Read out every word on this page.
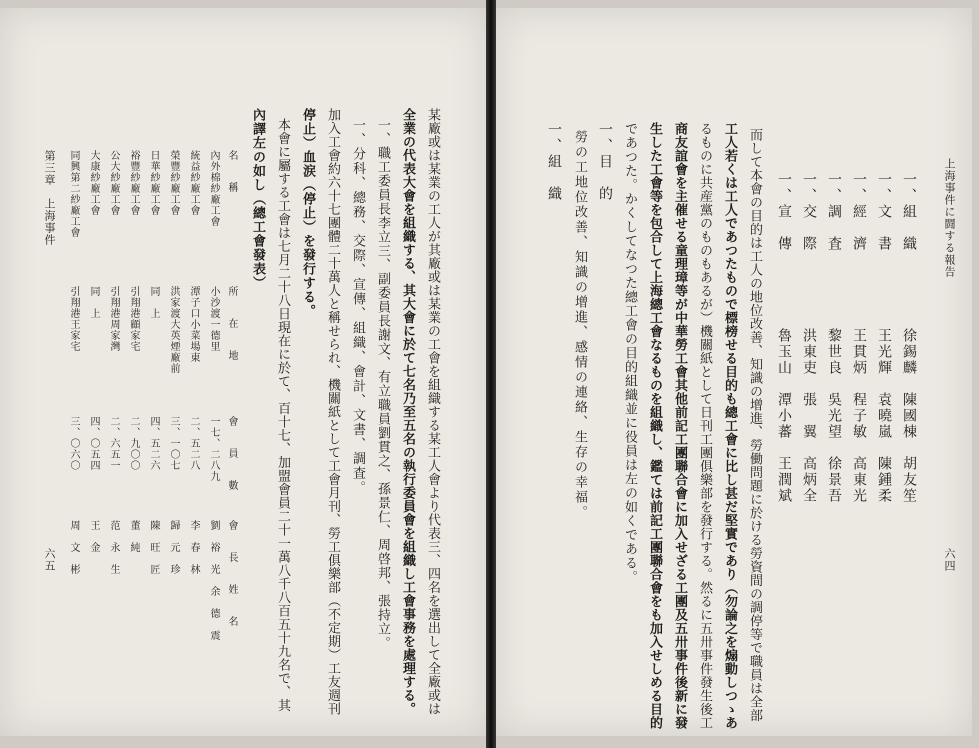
上海事件に闘する報告
六四
一、組　織
徐錫麟　陳國棟　胡友笙
一、文　書
王光輝　袁曉嵐　陳鍾柔
一、經　濟
王貫炳　程子敏　高東光
一、調　査
黎世良　吳光望　徐景吾
一、交　際
洪東吏　張　翼　高炳全
一、宣　傳
魯玉山　潭小蕃　王潤斌
而して本會の目的は工人の地位改善、知識の增進、勞働問題に於ける勞資間の調停等で職員は全部
工人若くは工人であつたもので標榜せる目的も總工會に比し甚だ堅實であり（勿論之を煽動しつゝあ
るものに共産黨のものもあるが）機關紙として日刊工團俱樂部を發行する。然るに五卅事件發生後工
商友誼會を主催せる童理璋等が中華勞工會其他前記工團聯合會に加入せざる工團及五卅事件後新に發
生した工會等を包合して上海總工會なるものを組織し、鑑ては前記工團聯合會をも加入せしめる目的
であつた。かくしてなつた總工會の目的組織並に役員は左の如くである。
一、目　的
勞の工地位改善、知識の增進、感情の連絡、生存の幸福。
一、組　織
某廠或は某業の工人が其廠或は某業の工會を組織する某工人會より代表三、四名を選出して全廠或は
全業の代表大會を組織する、其大會に於て七名乃至五名の執行委員會を組織し工會事務を處理する。
一、職工委員長李立三、副委員長謝文、有立職員劉貫之、孫景仁、周啓邦、張持立。
一、分科、總務、交際、宣傳、組織、會計、文書、調査。
加入工會約六十七團體二十萬人と稱せられ、機關紙として工會月刊、勞工俱樂部（不定期）工友週刊
停止）血涙（停止）を發行する。
本會に屬する工會は七月二十八日現在に於て、百十七、加盟會員二十一萬八千八百五十九名で、其
內譯左の如し（總工會發表）
名　稱
所　在　地
會　員　數
會　長　姓　名
內外棉紗廠工會
小沙渡一德里
一七、二八九
劉　裕　光　余　德　震
統益紗廠工會
潭子口小菜場東
二、五二八
李　春　林
榮豐紗廠工會
洪家渡大英煙廠前
三、一〇七
歸　元　珍
日華紗廠工會
同　上
四、五二六
陳　旺　匠
裕豐紗廠工會
引翔港顧家宅
二、九〇〇
董　純
公大紗廠工會
引翔港周家灣
二、六五一
范　永　生
大康紗廠工會
同　上
四、〇五四
王　金
同興第二紗廠工會
引翔港王家宅
三、〇六〇
周　文　彬
第三章　上海事件
六五
